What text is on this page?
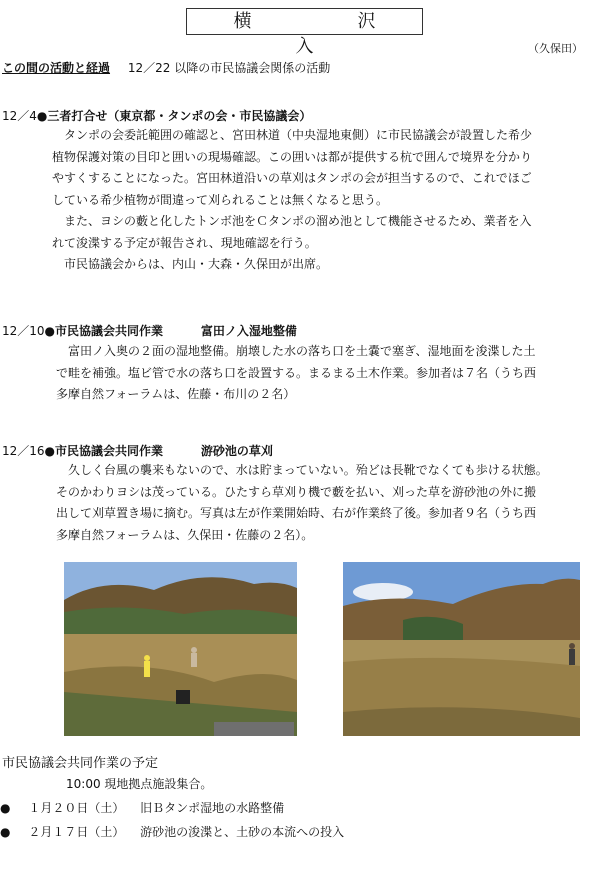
横　沢　入	（久保田）
この間の活動と経過 12／22 以降の市民協議会関係の活動
12／4●三者打合せ（東京都・タンポの会・市民協議会）

　タンポの会委託範囲の確認と、宮田林道（中央湿地東側）に市民協議会が設置した希少

植物保護対策の目印と囲いの現場確認。この囲いは都が提供する杭で囲んで境界を分かり

やすくすることになった。宮田林道沿いの草刈はタンポの会が担当するので、これでほご

している希少植物が間違って刈られることは無くなると思う。

　また、ヨシの藪と化したトンボ池をＣタンポの溜め池として機能させるため、業者を入

れて浚渫する予定が報告され、現地確認を行う。

　市民協議会からは、内山・大森・久保田が出席。

12／10●市民協議会共同作業	富田ノ入湿地整備

　富田ノ入奥の２面の湿地整備。崩壊した水の落ち口を土嚢で塞ぎ、湿地面を浚渫した土

で畦を補強。塩ビ管で水の落ち口を設置する。まるまる土木作業。参加者は７名（うち西

多摩自然フォーラムは、佐藤・布川の２名）

12／16●市民協議会共同作業	游砂池の草刈

　久しく台風の襲来もないので、水は貯まっていない。殆どは長靴でなくても歩ける状態。

そのかわりヨシは茂っている。ひたすら草刈り機で藪を払い、刈った草を游砂池の外に搬

出して刈草置き場に摘む。写真は左が作業開始時、右が作業終了後。参加者９名（うち西

多摩自然フォーラムは、久保田・佐藤の２名）。

市民協議会共同作業の予定
10:00 現地拠点施設集合。
● １月２０日（土） 旧Ｂタンポ湿地の水路整備
● ２月１７日（土） 游砂池の浚渫と、土砂の本流への投入
